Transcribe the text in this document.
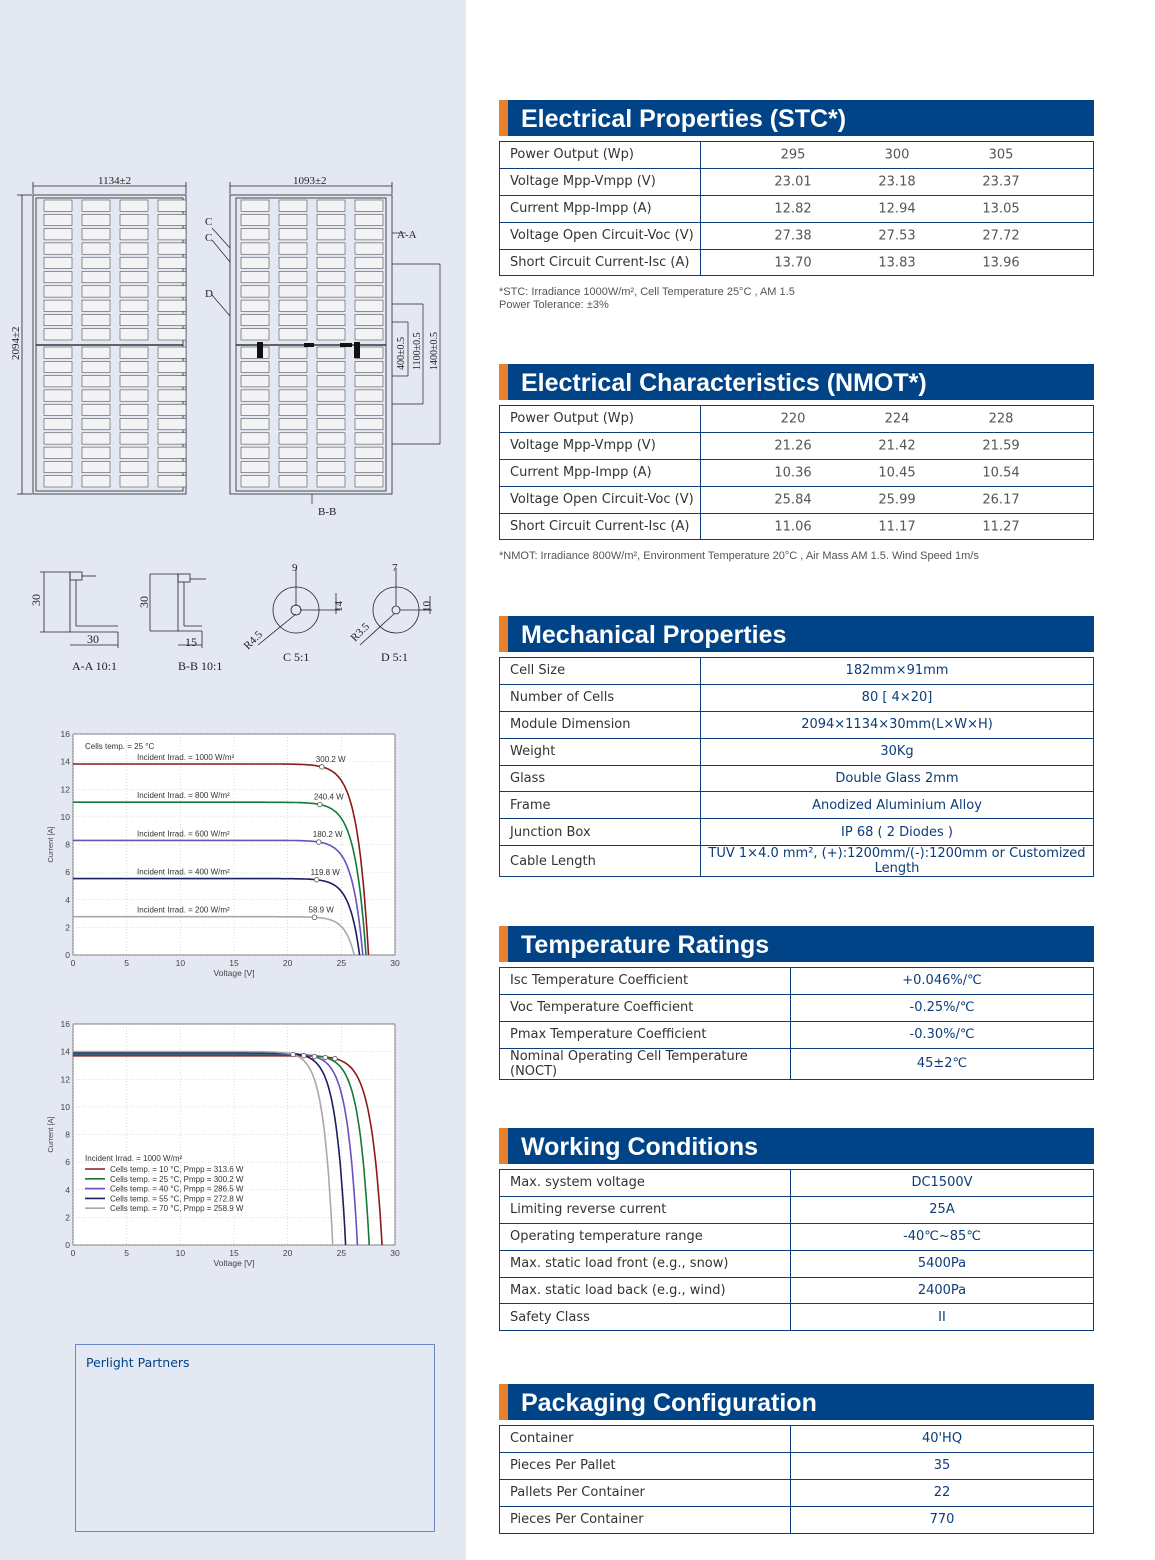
1134±2	1093±2
2094±2
C
C
D
A-A
B-B
400±0.5 1100±0.5 1400±0.5
30
30
A-A 10:1
30
15
B-B 10:1
9
14
R4.5
C 5:1
7
10
R3.5
D 5:1
0	5	10	15	20	25	30
0
2
4
6
8
10
12
14
16
Voltage [V]
Current [A]
Incident Irrad. = 1000 W/m²	300.2 W
Incident Irrad. = 800 W/m²	240.4 W
Incident Irrad. = 600 W/m²	180.2 W
Incident Irrad. = 400 W/m²	119.8 W
Incident Irrad. = 200 W/m²	58.9 W
Cells temp. = 25 °C
0	5	10	15	20	25	30
0
2
4
6
8
10
12
14
16
Voltage [V]
Current [A]
Incident Irrad. = 1000 W/m²
Cells temp. = 10 °C, Pmpp = 313.6 W
Cells temp. = 25 °C, Pmpp = 300.2 W
Cells temp. = 40 °C, Pmpp = 286.5 W
Cells temp. = 55 °C, Pmpp = 272.8 W
Cells temp. = 70 °C, Pmpp = 258.9 W
Perlight Partners
Electrical Properties (STC*)
Power Output (Wp)	295 300 305

Voltage Mpp-Vmpp (V)	23.01 23.18 23.37

Current Mpp-Impp (A)	12.82 12.94 13.05

Voltage Open Circuit-Voc (V)	27.38 27.53 27.72

Short Circuit Current-Isc (A)	13.70 13.83 13.96
*STC: Irradiance 1000W/m², Cell Temperature 25°C , AM 1.5
Power Tolerance: ±3%
Electrical Characteristics (NMOT*)
Power Output (Wp)	220 224 228

Voltage Mpp-Vmpp (V)	21.26 21.42 21.59

Current Mpp-Impp (A)	10.36 10.45 10.54

Voltage Open Circuit-Voc (V)	25.84 25.99 26.17

Short Circuit Current-Isc (A)	11.06 11.17 11.27
*NMOT: Irradiance 800W/m², Environment Temperature 20°C , Air Mass AM 1.5. Wind Speed 1m/s
Mechanical Properties
Cell Size	182mm×91mm
Number of Cells	80 [ 4×20]
Module Dimension	2094×1134×30mm(L×W×H)
Weight	30Kg
Glass	Double Glass 2mm
Frame	Anodized Aluminium Alloy
Junction Box	IP 68 ( 2 Diodes )
Cable Length	TUV 1×4.0 mm², (+):1200mm/(-):1200mm or Customized Length
Temperature Ratings
Isc Temperature Coefficient	+0.046%/℃
Voc Temperature Coefficient	-0.25%/℃
Pmax Temperature Coefficient	-0.30%/℃
Nominal Operating Cell Temperature (NOCT)	45±2℃
Working Conditions
Max. system voltage	DC1500V
Limiting reverse current	25A
Operating temperature range	-40℃~85℃
Max. static load front (e.g., snow)	5400Pa
Max. static load back (e.g., wind)	2400Pa
Safety Class	II
Packaging Configuration
Container	40'HQ
Pieces Per Pallet	35
Pallets Per Container	22
Pieces Per Container	770
